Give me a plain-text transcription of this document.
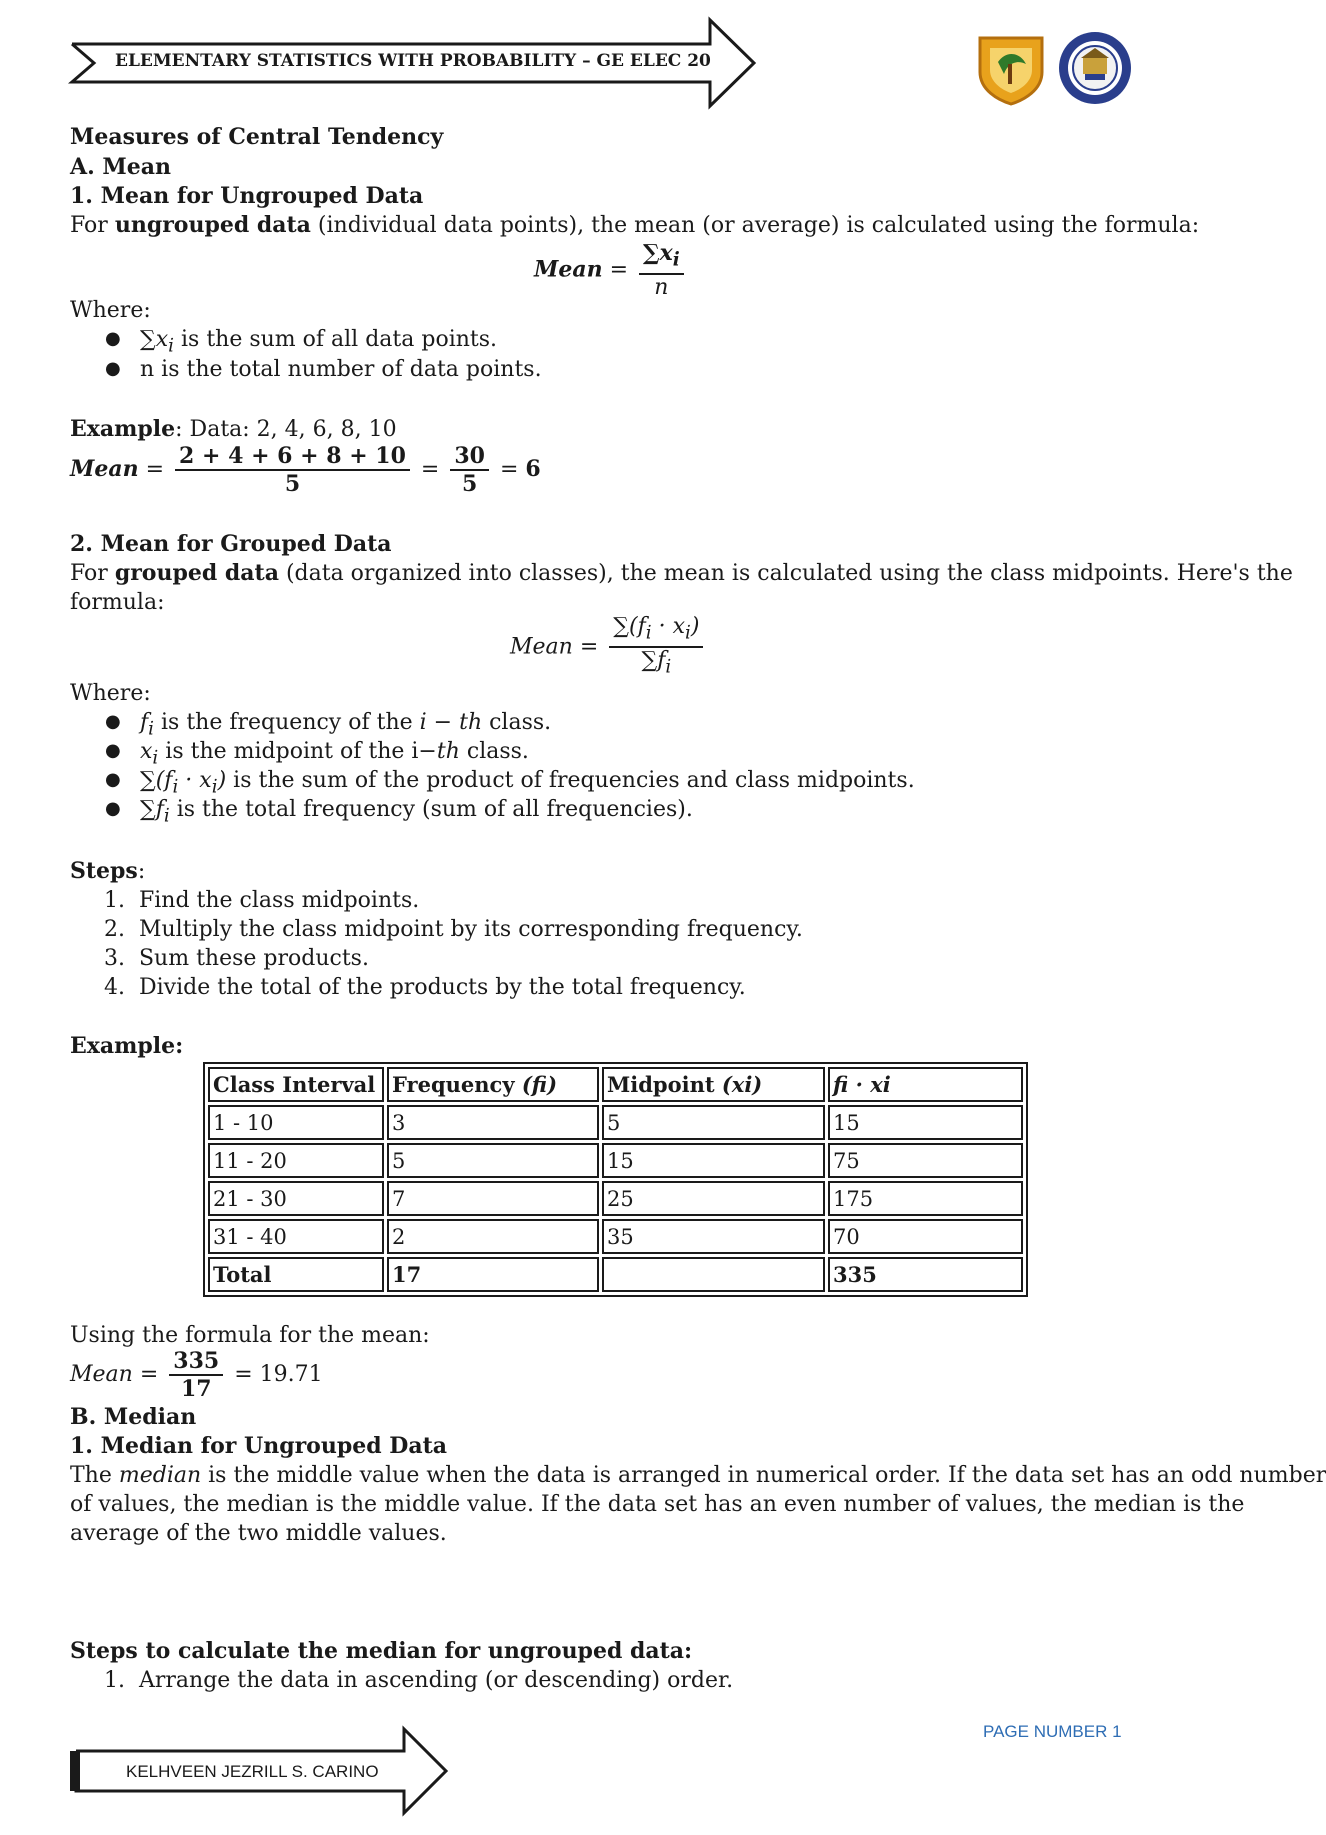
ELEMENTARY STATISTICS WITH PROBABILITY – GE ELEC 20
Measures of Central Tendency
A. Mean
1. Mean for Ungrouped Data
For ungrouped data (individual data points), the mean (or average) is calculated using the formula:
Mean = $\frac{\sum x_i}{n}$
Where:
● $\sum x_i$ is the sum of all data points.
● n is the total number of data points.
Example: Data: 2, 4, 6, 8, 10
Mean = $\frac{2 + 4 + 6 + 8 + 10}{5} = \frac{30}{5} = 6$
2. Mean for Grouped Data
For grouped data (data organized into classes), the mean is calculated using the class midpoints. Here's the
formula:
Mean = $\frac{\sum(f_i \cdot x_i)}{\sum f_i}$
Where:
● $f_i$ is the frequency of the i − th class.
● $x_i$ is the midpoint of the i−th class.
● $\sum(f_i \cdot x_i)$ is the sum of the product of frequencies and class midpoints.
● $\sum f_i$ is the total frequency (sum of all frequencies).
Steps:
1.  Find the class midpoints.
2.  Multiply the class midpoint by its corresponding frequency.
3.  Sum these products.
4.  Divide the total of the products by the total frequency.
Example:
Class Interval	Frequency (fi)	Midpoint (xi)	fi · xi
1 - 10	3	5	15
11 - 20	5	15	75
21 - 30	7	25	175
31 - 40	2	35	70
Total	17		335
Using the formula for the mean:
Mean = $\frac{335}{17} = 19.71$
B. Median
1. Median for Ungrouped Data
The median is the middle value when the data is arranged in numerical order. If the data set has an odd number
of values, the median is the middle value. If the data set has an even number of values, the median is the
average of the two middle values.
Steps to calculate the median for ungrouped data:
1.  Arrange the data in ascending (or descending) order.
PAGE NUMBER 1
KELHVEEN JEZRILL S. CARINO
